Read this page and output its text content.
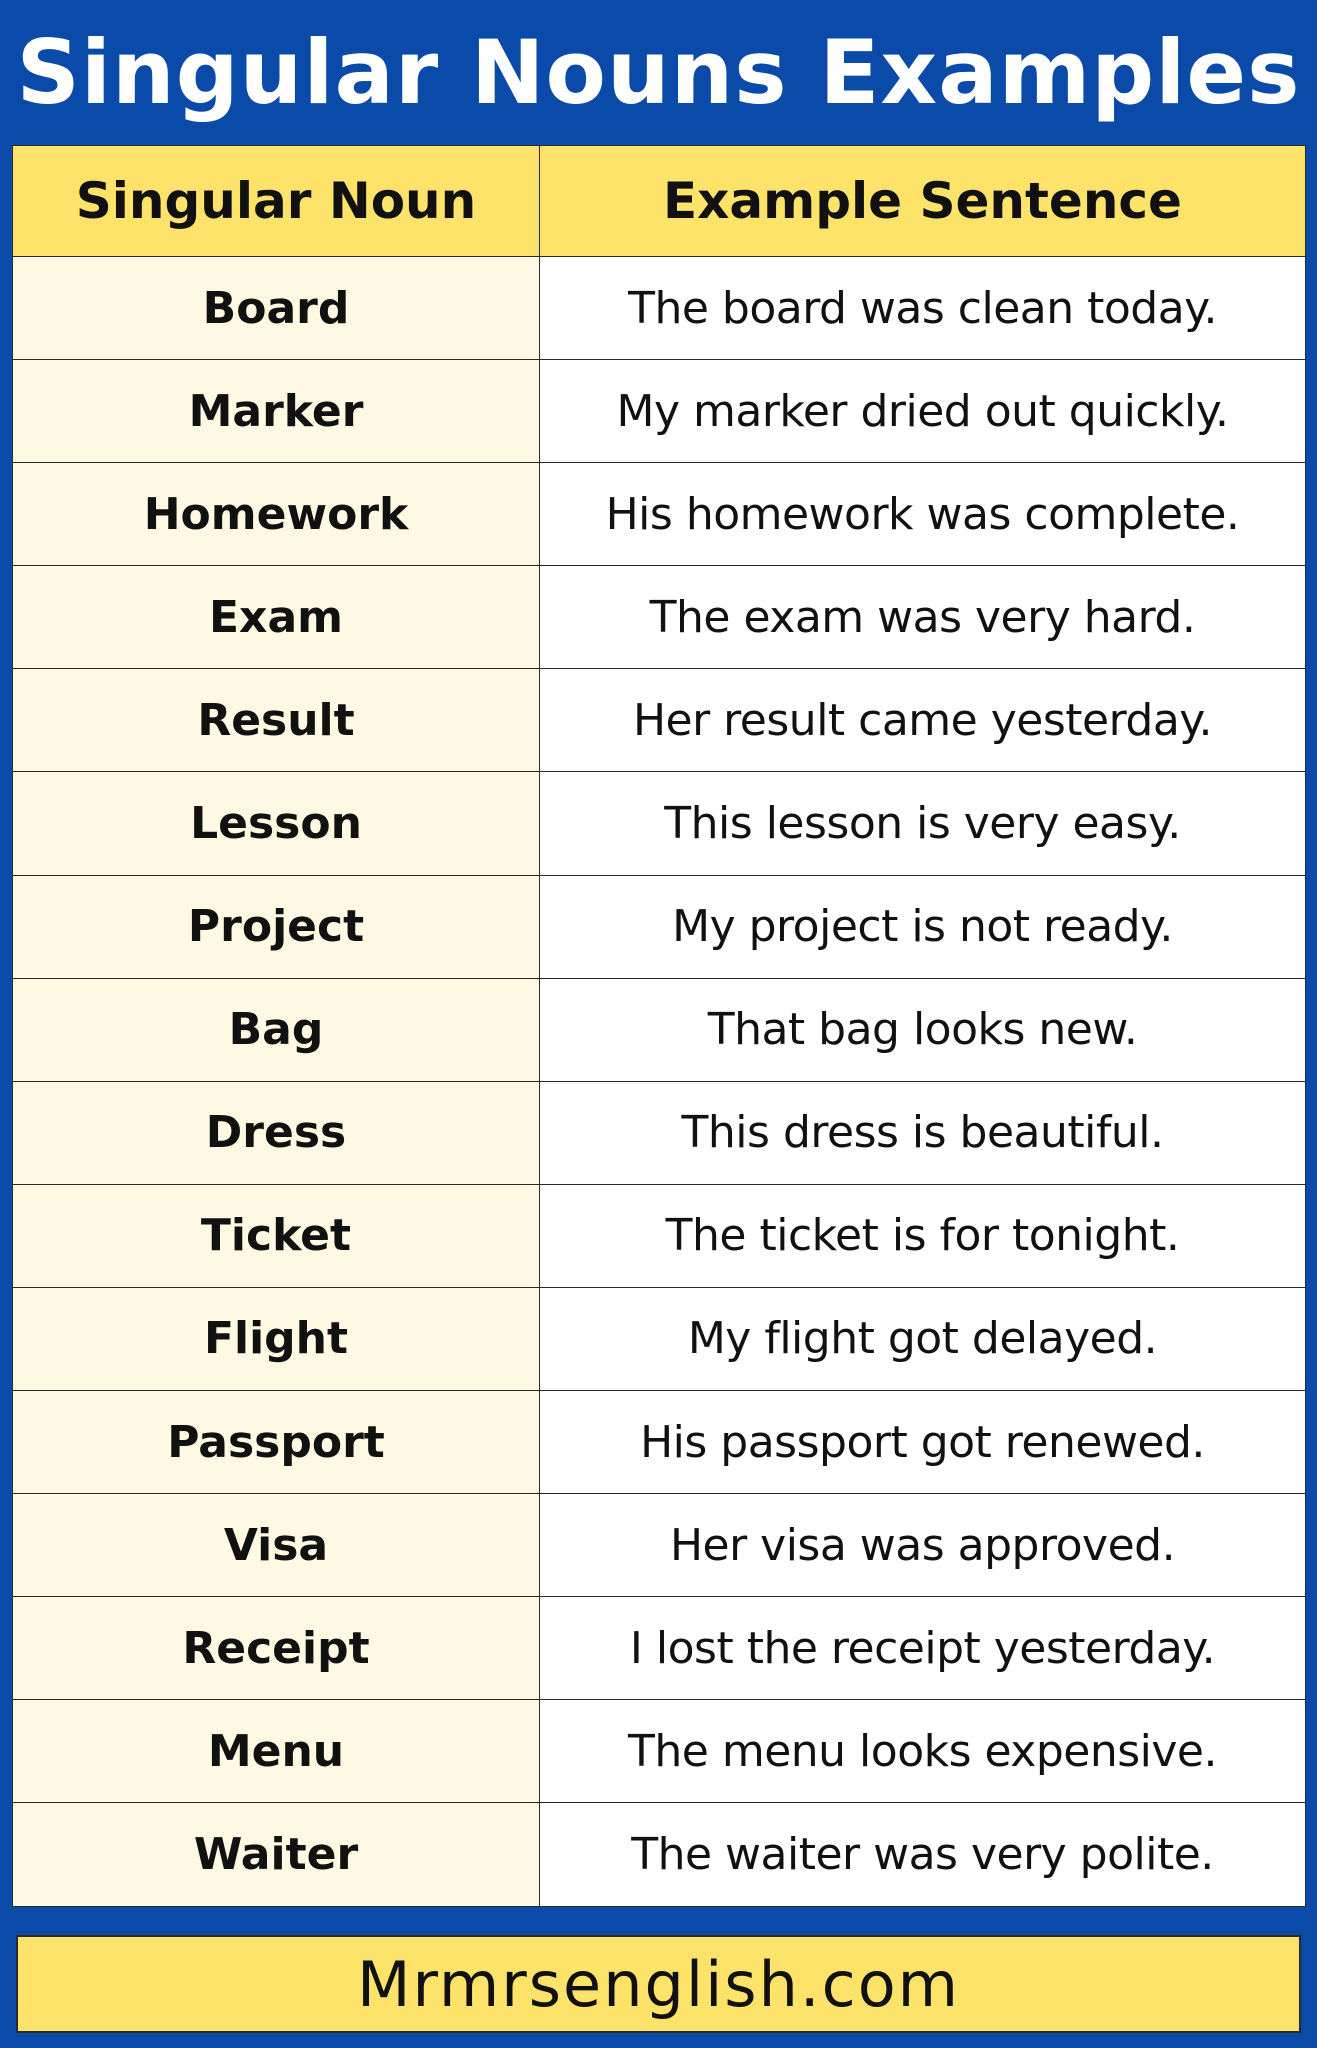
Singular Nouns Examples
Singular Noun	Example Sentence
Board	The board was clean today.
Marker	My marker dried out quickly.
Homework	His homework was complete.
Exam	The exam was very hard.
Result	Her result came yesterday.
Lesson	This lesson is very easy.
Project	My project is not ready.
Bag	That bag looks new.
Dress	This dress is beautiful.
Ticket	The ticket is for tonight.
Flight	My flight got delayed.
Passport	His passport got renewed.
Visa	Her visa was approved.
Receipt	I lost the receipt yesterday.
Menu	The menu looks expensive.
Waiter	The waiter was very polite.
Mrmrsenglish.com
